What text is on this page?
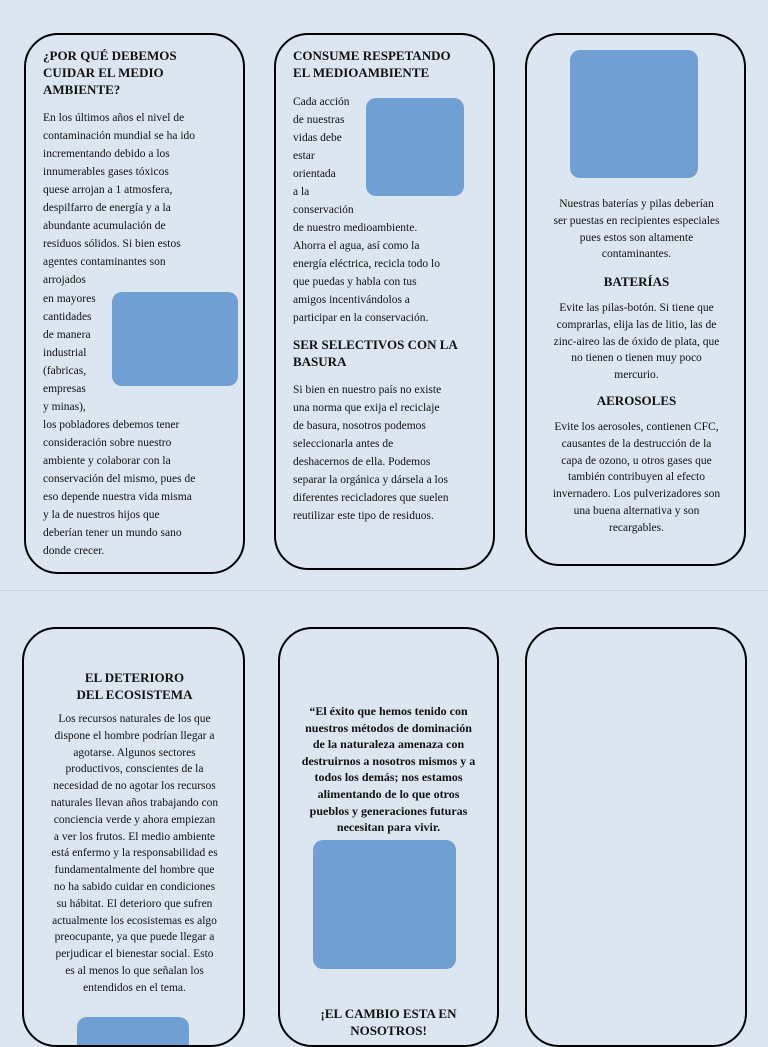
¿POR QUÉ DEBEMOS
CUIDAR EL MEDIO
AMBIENTE?
En los últimos años el nivel de
contaminación mundial se ha ido
incrementando debido a los
innumerables gases tóxicos
quese arrojan a 1 atmosfera,
despilfarro de energía y a la
abundante acumulación de
residuos sólidos. Si bien estos
agentes contaminantes son
arrojados
en mayores
cantidades
de manera
industrial
(fabricas,
empresas
y minas),
los pobladores debemos tener
consideración sobre nuestro
ambiente y colaborar con la
conservación del mismo, pues de
eso depende nuestra vida misma
y la de nuestros hijos que
deberían tener un mundo sano
donde crecer.
CONSUME RESPETANDO
EL MEDIOAMBIENTE
Cada acción
de nuestras
vidas debe
estar
orientada
a la
conservación
de nuestro medioambiente.
Ahorra el agua, así como la
energía eléctrica, recicla todo lo
que puedas y habla con tus
amigos incentivándolos a
participar en la conservación.
SER SELECTIVOS CON LA
BASURA
Si bien en nuestro país no existe
una norma que exija el reciclaje
de basura, nosotros podemos
seleccionarla antes de
deshacernos de ella. Podemos
separar la orgánica y dársela a los
diferentes recicladores que suelen
reutilizar este tipo de residuos.
Nuestras baterías y pilas deberían
ser puestas en recipientes especiales
pues estos son altamente
contaminantes.
BATERÍAS
Evite las pilas-botón. Si tiene que
comprarlas, elija las de litio, las de
zinc-aireo las de óxido de plata, que
no tienen o tienen muy poco
mercurio.
AEROSOLES
Evite los aerosoles, contienen CFC,
causantes de la destrucción de la
capa de ozono, u otros gases que
también contribuyen al efecto
invernadero. Los pulverizadores son
una buena alternativa y son
recargables.
EL DETERIORO
DEL ECOSISTEMA
Los recursos naturales de los que
dispone el hombre podrían llegar a
agotarse. Algunos sectores
productivos, conscientes de la
necesidad de no agotar los recursos
naturales llevan años trabajando con
conciencia verde y ahora empiezan
a ver los frutos. El medio ambiente
está enfermo y la responsabilidad es
fundamentalmente del hombre que
no ha sabido cuidar en condiciones
su hábitat. El deterioro que sufren
actualmente los ecosistemas es algo
preocupante, ya que puede llegar a
perjudicar el bienestar social. Esto
es al menos lo que señalan los
entendidos en el tema.
“El éxito que hemos tenido con
nuestros métodos de dominación
de la naturaleza amenaza con
destruirnos a nosotros mismos y a
todos los demás; nos estamos
alimentando de lo que otros
pueblos y generaciones futuras
necesitan para vivir.
¡EL CAMBIO ESTA EN
NOSOTROS!
